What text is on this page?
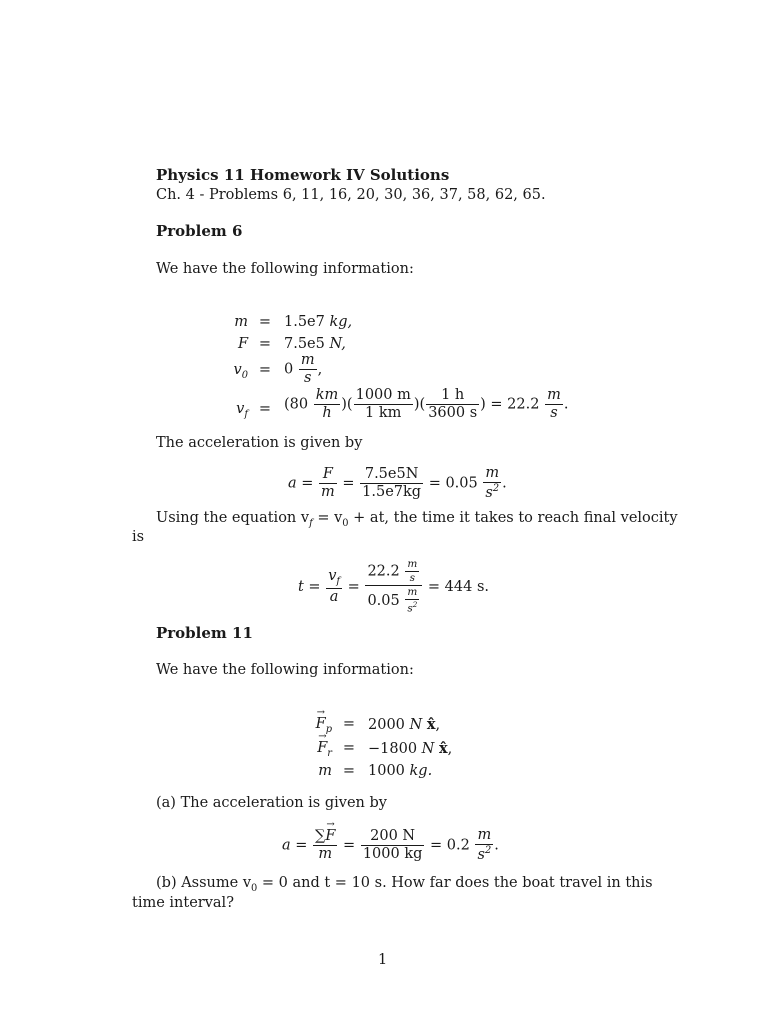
Physics 11 Homework IV Solutions
Ch. 4 - Problems 6, 11, 16, 20, 30, 36, 37, 58, 62, 65.
Problem 6
We have the following information:
m = 1.5e7 kg,
F = 7.5e5 N,
$v_0 = 0 \frac{m}{s}$ ,
$v_f = (80 \frac{km}{h}$ )( $\frac{1000 m}{1 km}$ )( $\frac{1 h}{3600 s}$ ) = $22.2 \frac{m}{s}$ .
The acceleration is given by
$a = \frac{F}{m} = \frac{7.5e5N}{1.5e7kg} = 0.05 \frac{m}{s^2}$ .
Using the equation $v_f = v_0$ + at, the time it takes to reach final velocity
is
$t = \frac{v_f}{a} = \frac{22.2 \frac{m}{s}}{0.05 \frac{m}{s^2}} = 444$ s.
Problem 11
We have the following information:
→ $F_p = 2000$ N x̂,
→ $F_r = -1800$ N x̂,
m = 1000 kg.
(a) The acceleration is given by
$a = \frac{\sum\to F}{m} = \frac{200 N}{1000 kg} = 0.2 \frac{m}{s^2}$ .
(b) Assume $v_0 = 0$ and t = 10 s. How far does the boat travel in this
time interval?
1
